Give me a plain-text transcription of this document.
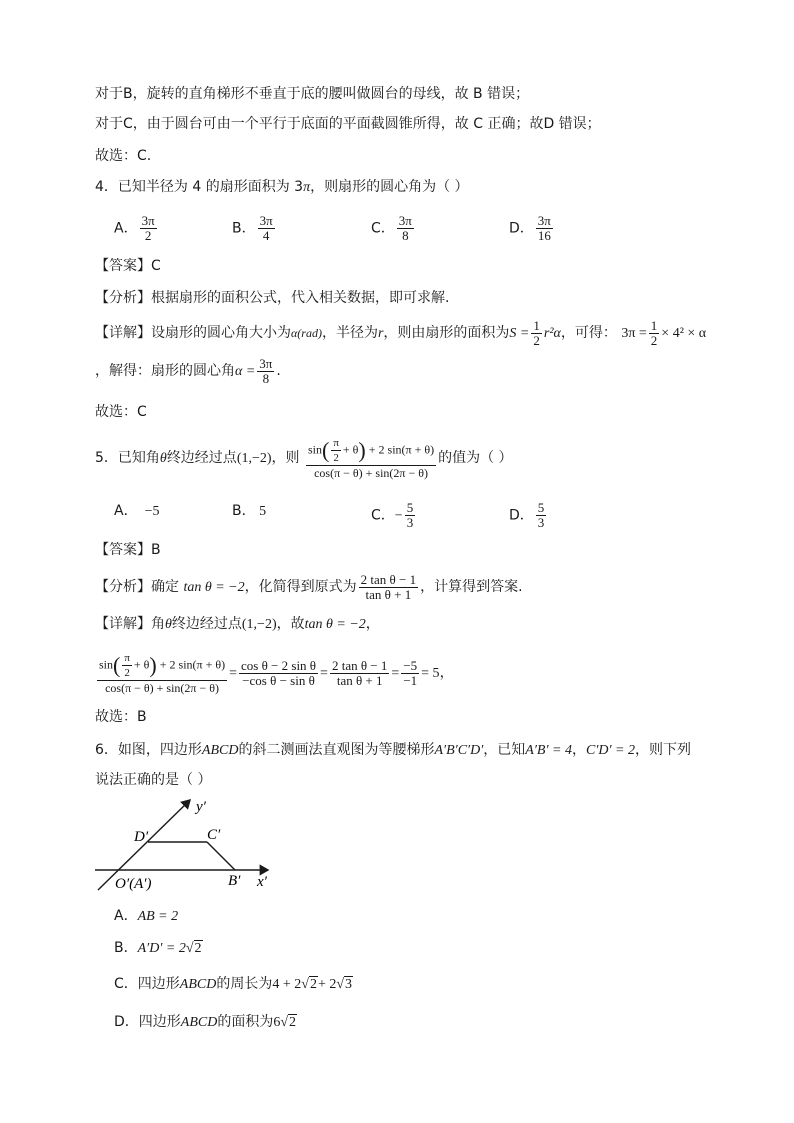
对于B，旋转的直角梯形不垂直于底的腰叫做圆台的母线，故 B 错误；
对于C，由于圆台可由一个平行于底面的平面截圆锥所得，故 C 正确；故D 错误；
故选：C.
4．已知半径为 4 的扇形面积为 3π，则扇形的圆心角为（ ）
A． $\frac{3\pi}{2}$	B． $\frac{3\pi}{4}$	C． $\frac{3\pi}{8}$	D． $\frac{3\pi}{16}$
【答案】C
【分析】根据扇形的面积公式，代入相关数据，即可求解.
【详解】设扇形的圆心角大小为α(rad)，半径为r，则由扇形的面积为$S = \frac{1}{2} r^2\alpha$，可得： $3\pi = \frac{1}{2} \times 4^2 \times \alpha$
，解得：扇形的圆心角$\alpha = \frac{3\pi}{8}$ .
故选：C
5．已知角θ终边经过点(1,−2)，则 $\frac{\sin( \frac{\pi}{2} + \theta) + 2 \sin(\pi + \theta)}{\cos(\pi - \theta) + \sin(2\pi - \theta)}$ 的值为（ ）
A． −5	B． 5	C．− $\frac{5}{3}$	D． $\frac{5}{3}$
【答案】B
【分析】确定 tan θ = −2，化简得到原式为 $\frac{\text{2 tan θ − 1}}{\text{tan θ + 1}}$ ，计算得到答案.
【详解】角θ终边经过点(1,−2)，故tan θ = −2，
$\frac{\sin( \frac{\pi}{2} + \theta) + 2 \sin(\pi + \theta)}{\cos(\pi - \theta) + \sin(2\pi - \theta)} = \frac{\text{cos θ − 2 sin θ}}{\text{−cos θ − sin θ}} = \frac{\text{2 tan θ − 1}}{\text{tan θ + 1}} = \frac{-5}{-1} = 5$，
故选：B
6．如图，四边形ABCD的斜二测画法直观图为等腰梯形A′B′C′D′，已知A′B′ = 4，C′D′ = 2，则下列
说法正确的是（ ）
y′
D′	C′
B′ x′
O′(A′)
A．AB = 2
B．A′D′ = 2√2
C．四边形ABCD的周长为4 + 2√2+ 2√3
D．四边形ABCD的面积为6√2
